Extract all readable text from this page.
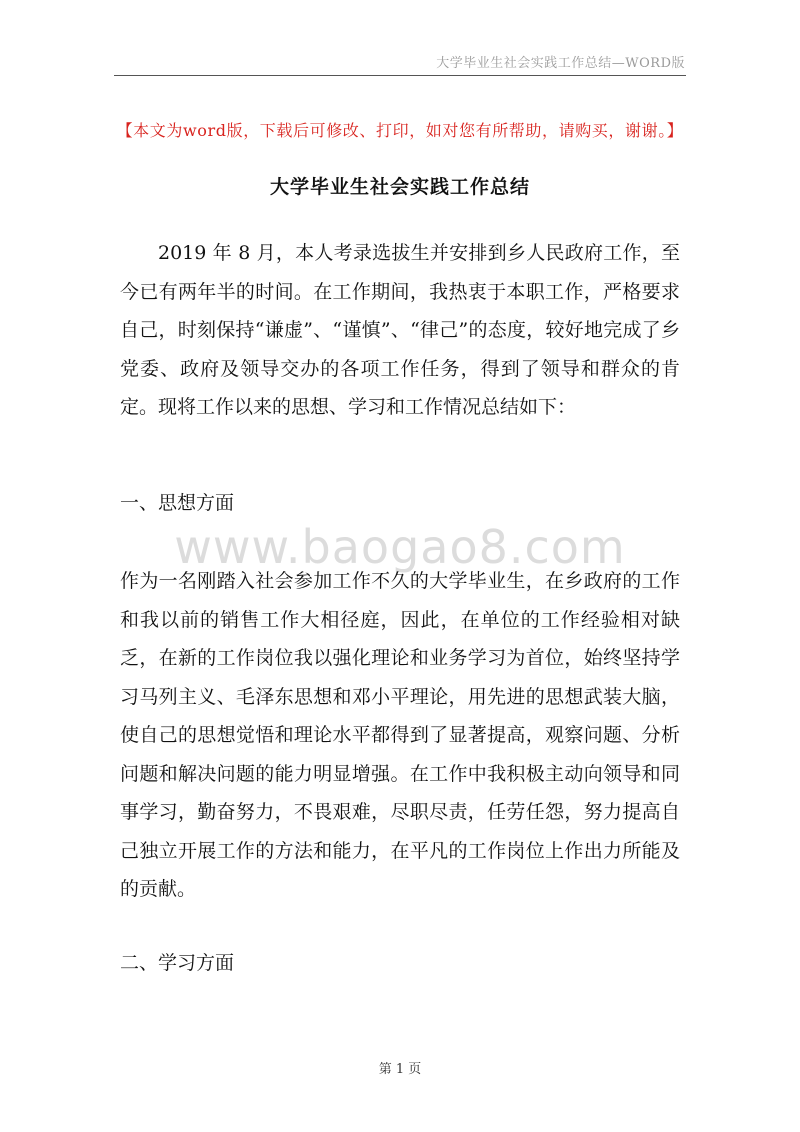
大学毕业生社会实践工作总结—WORD版
【本文为word版，下载后可修改、打印，如对您有所帮助，请购买，谢谢。】
大学毕业生社会实践工作总结
2019 年 8 月，本人考录选拔生并安排到乡人民政府工作，至今已有两年半的时间。在工作期间，我热衷于本职工作，严格要求自己，时刻保持“谦虚”、“谨慎”、“律己”的态度，较好地完成了乡党委、政府及领导交办的各项工作任务，得到了领导和群众的肯定。现将工作以来的思想、学习和工作情况总结如下：
一、思想方面
www.baogao8.com
作为一名刚踏入社会参加工作不久的大学毕业生，在乡政府的工作和我以前的销售工作大相径庭，因此，在单位的工作经验相对缺乏，在新的工作岗位我以强化理论和业务学习为首位，始终坚持学习马列主义、毛泽东思想和邓小平理论，用先进的思想武装大脑，使自己的思想觉悟和理论水平都得到了显著提高，观察问题、分析问题和解决问题的能力明显增强。在工作中我积极主动向领导和同事学习，勤奋努力，不畏艰难，尽职尽责，任劳任怨，努力提高自己独立开展工作的方法和能力，在平凡的工作岗位上作出力所能及的贡献。
二、学习方面
第 1 页
